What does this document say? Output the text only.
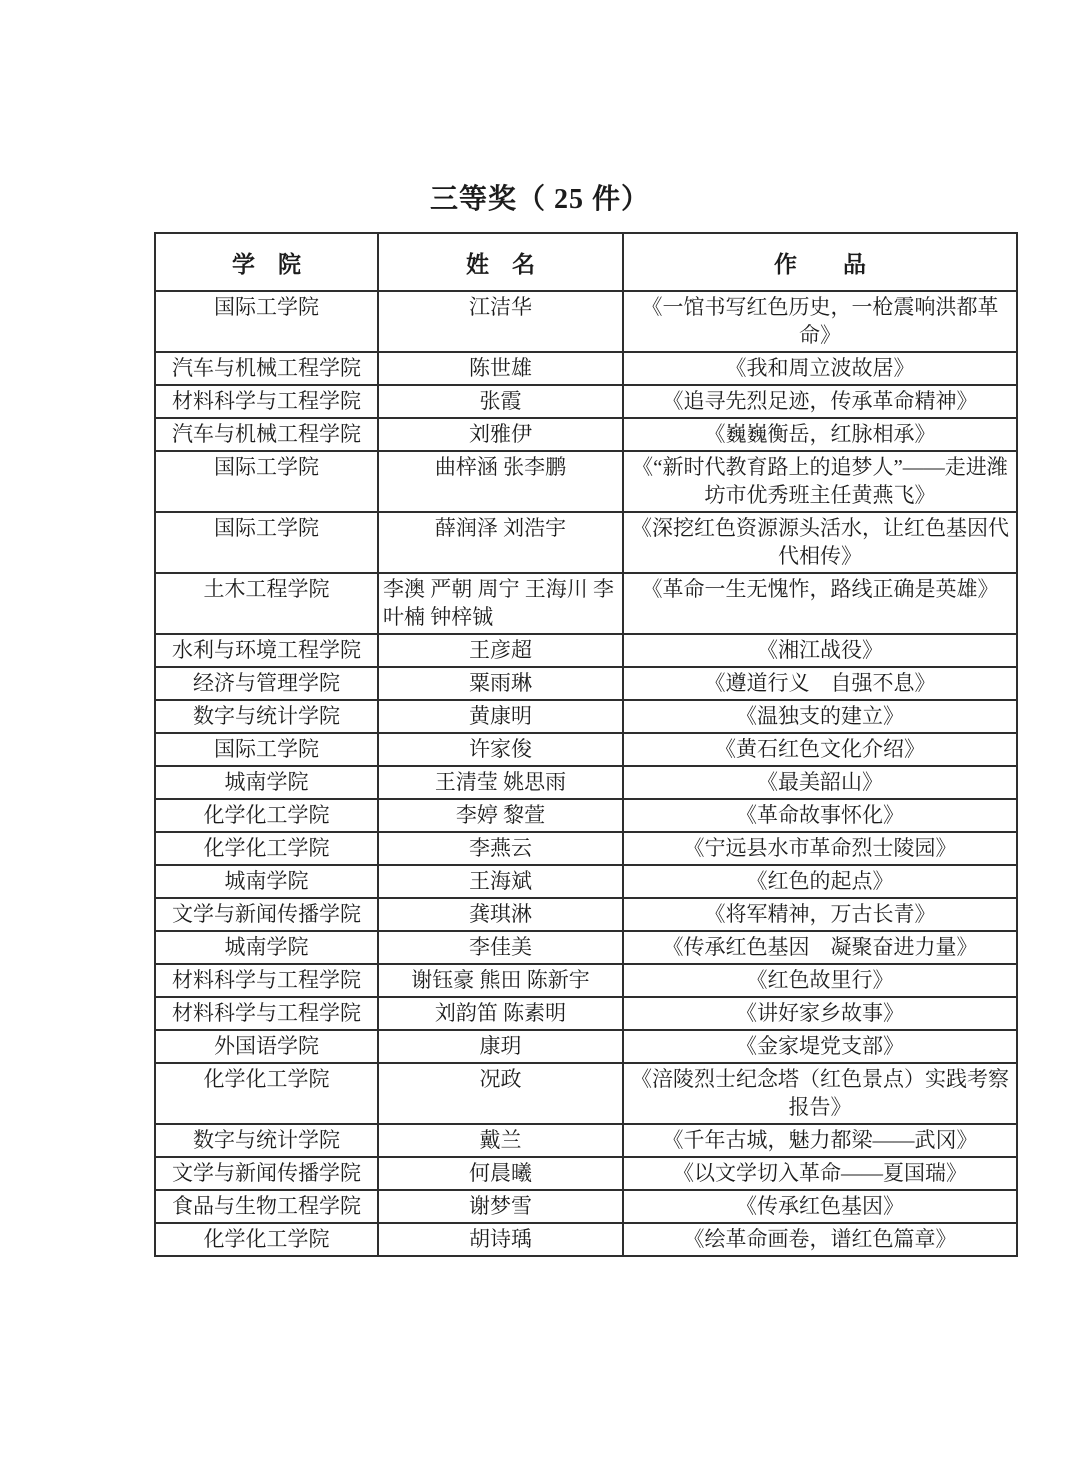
三等奖（ 25 件）
学　院	姓　名	作　　品
国际工学院	江洁华	《一馆书写红色历史，一枪震响洪都革命》
汽车与机械工程学院	陈世雄	《我和周立波故居》
材料科学与工程学院	张霞	《追寻先烈足迹，传承革命精神》
汽车与机械工程学院	刘雅伊	《巍巍衡岳，红脉相承》
国际工学院	曲梓涵 张李鹏	《“新时代教育路上的追梦人”——走进潍坊市优秀班主任黄燕飞》
国际工学院	薛润泽 刘浩宇	《深挖红色资源源头活水，让红色基因代代相传》
土木工程学院	李澳 严朝 周宁 王海川 李叶楠 钟梓铖	《革命一生无愧怍，路线正确是英雄》
水利与环境工程学院	王彦超	《湘江战役》
经济与管理学院	粟雨琳	《遵道行义　自强不息》
数字与统计学院	黄康明	《温独支的建立》
国际工学院	许家俊	《黄石红色文化介绍》
城南学院	王清莹 姚思雨	《最美韶山》
化学化工学院	李婷 黎萱	《革命故事怀化》
化学化工学院	李燕云	《宁远县水市革命烈士陵园》
城南学院	王海斌	《红色的起点》
文学与新闻传播学院	龚琪淋	《将军精神，万古长青》
城南学院	李佳美	《传承红色基因　凝聚奋进力量》
材料科学与工程学院	谢钰豪 熊田 陈新宇	《红色故里行》
材料科学与工程学院	刘韵笛 陈素明	《讲好家乡故事》
外国语学院	康玥	《金家堤党支部》
化学化工学院	况政	《涪陵烈士纪念塔（红色景点）实践考察报告》
数字与统计学院	戴兰	《千年古城，魅力都梁——武冈》
文学与新闻传播学院	何晨曦	《以文学切入革命——夏国瑞》
食品与生物工程学院	谢梦雪	《传承红色基因》
化学化工学院	胡诗瑀	《绘革命画卷，谱红色篇章》
